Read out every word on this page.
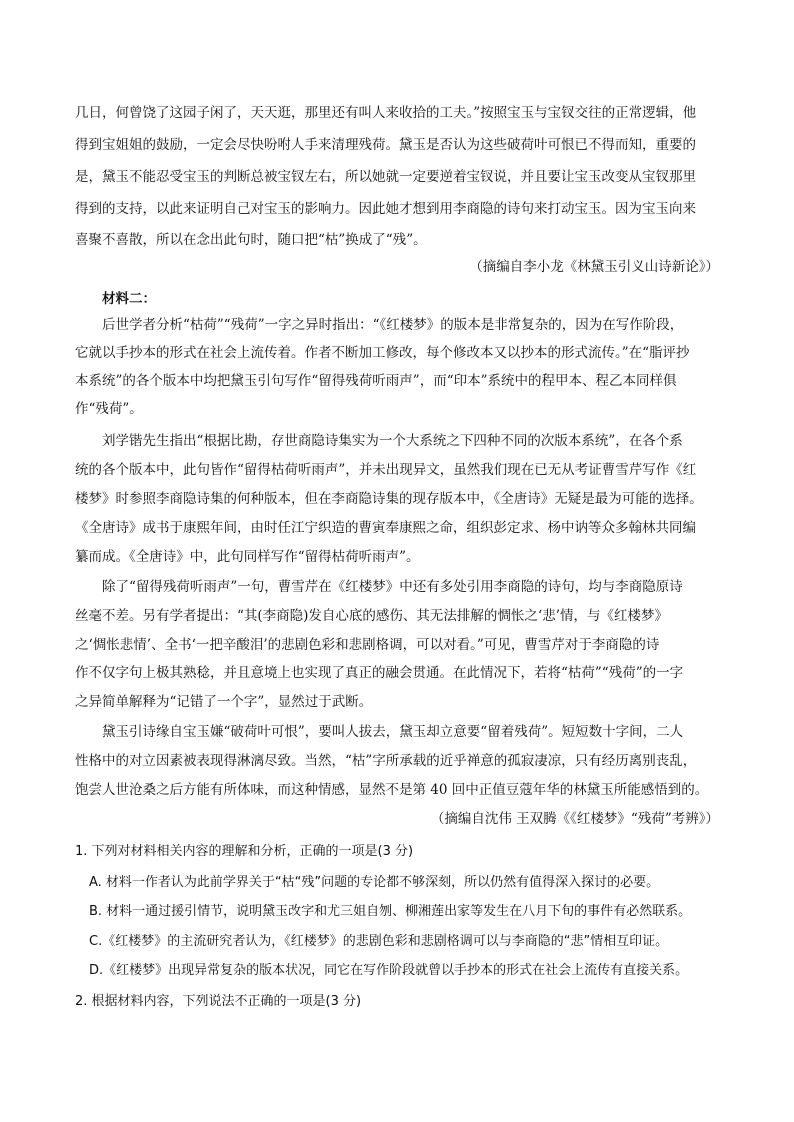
几日，何曾饶了这园子闲了，天天逛，那里还有叫人来收拾的工夫。”按照宝玉与宝钗交往的正常逻辑，他
得到宝姐姐的鼓励，一定会尽快吩咐人手来清理残荷。黛玉是否认为这些破荷叶可恨已不得而知，重要的
是，黛玉不能忍受宝玉的判断总被宝钗左右，所以她就一定要逆着宝钗说，并且要让宝玉改变从宝钗那里
得到的支持，以此来证明自己对宝玉的影响力。因此她才想到用李商隐的诗句来打动宝玉。因为宝玉向来
喜聚不喜散，所以在念出此句时，随口把“枯”换成了“残”。
（摘编自李小龙《林黛玉引义山诗新论》）
材料二：
后世学者分析“枯荷”“残荷”一字之异时指出：“《红楼梦》的版本是非常复杂的，因为在写作阶段，
它就以手抄本的形式在社会上流传着。作者不断加工修改，每个修改本又以抄本的形式流传。”在“脂评抄
本系统”的各个版本中均把黛玉引句写作“留得残荷听雨声”，而“印本”系统中的程甲本、程乙本同样俱
作“残荷”。
刘学锴先生指出“根据比勘，存世商隐诗集实为一个大系统之下四种不同的次版本系统”，在各个系
统的各个版本中，此句皆作“留得枯荷听雨声”，并未出现异文，虽然我们现在已无从考证曹雪芹写作《红
楼梦》时参照李商隐诗集的何种版本，但在李商隐诗集的现存版本中，《全唐诗》无疑是最为可能的选择。
《全唐诗》成书于康熙年间，由时任江宁织造的曹寅奉康熙之命，组织彭定求、杨中讷等众多翰林共同编
纂而成。《全唐诗》中，此句同样写作“留得枯荷听雨声”。
除了“留得残荷听雨声”一句，曹雪芹在《红楼梦》中还有多处引用李商隐的诗句，均与李商隐原诗
丝毫不差。另有学者提出：“其(李商隐)发自心底的感伤、其无法排解的惆怅之‘悲’情，与《红楼梦》
之‘惆怅悲情’、全书‘一把辛酸泪’的悲剧色彩和悲剧格调，可以对看。”可见，曹雪芹对于李商隐的诗
作不仅字句上极其熟稔，并且意境上也实现了真正的融会贯通。在此情况下，若将“枯荷”“残荷”的一字
之异简单解释为“记错了一个字”，显然过于武断。
黛玉引诗缘自宝玉嫌“破荷叶可恨”，要叫人拔去，黛玉却立意要“留着残荷”。短短数十字间，二人
性格中的对立因素被表现得淋漓尽致。当然，“枯”字所承载的近乎禅意的孤寂凄凉，只有经历离别丧乱，
饱尝人世沧桑之后方能有所体味，而这种情感，显然不是第 40 回中正值豆蔻年华的林黛玉所能感悟到的。
（摘编自沈伟 王双腾《《红楼梦》“残荷”考辨》）
1. 下列对材料相关内容的理解和分析，正确的一项是(3 分)
A. 材料一作者认为此前学界关于“枯“残”问题的专论都不够深刻，所以仍然有值得深入探讨的必要。
B. 材料一通过援引情节，说明黛玉改字和尤三姐自刎、柳湘莲出家等发生在八月下旬的事件有必然联系。
C.《红楼梦》的主流研究者认为，《红楼梦》的悲剧色彩和悲剧格调可以与李商隐的“悲”情相互印证。
D.《红楼梦》出现异常复杂的版本状况，同它在写作阶段就曾以手抄本的形式在社会上流传有直接关系。
2. 根据材料内容，下列说法不正确的一项是(3 分)
